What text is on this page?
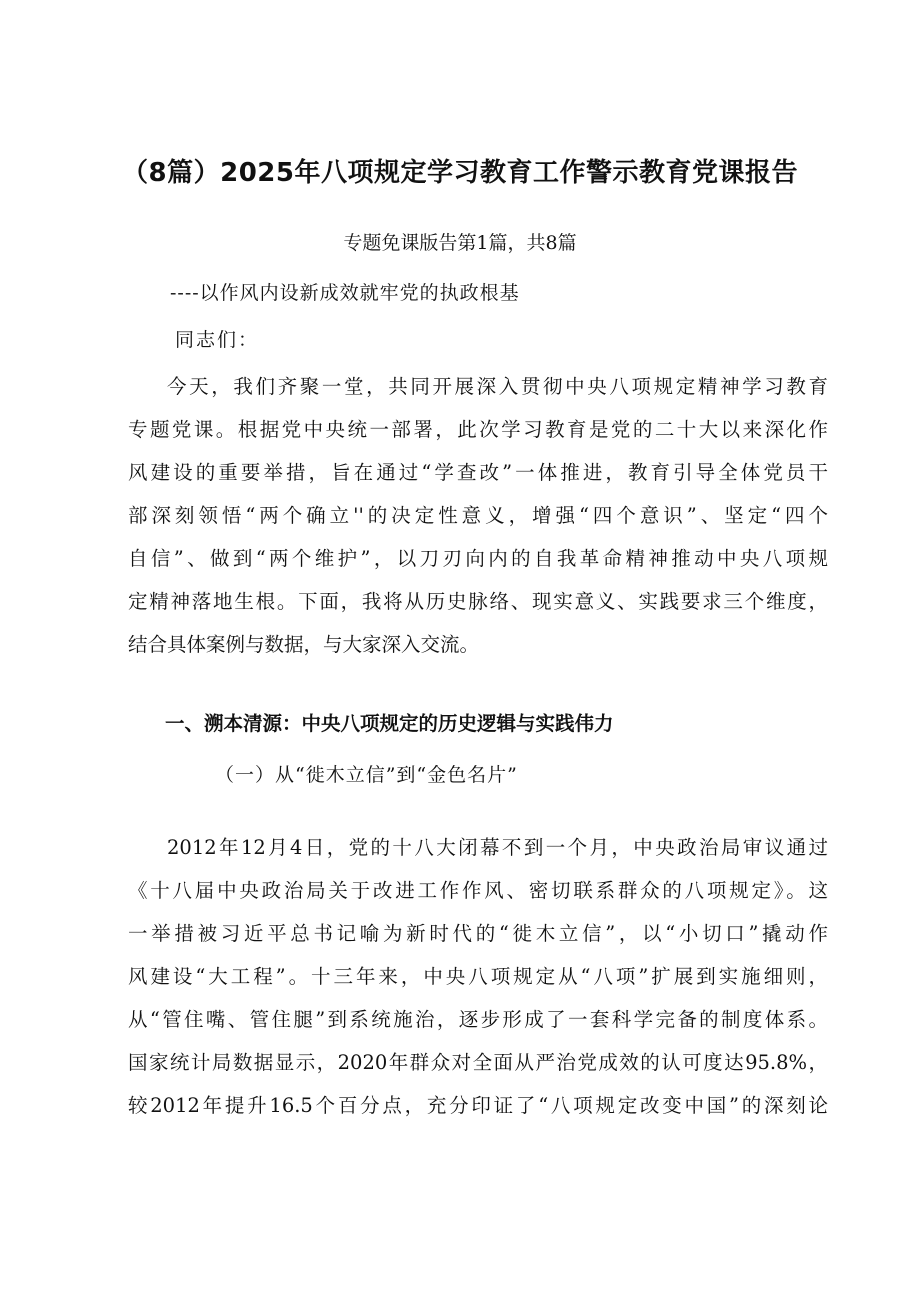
（8篇）2025年八项规定学习教育工作警示教育党课报告
专题免课版告第1篇，共8篇
----以作风内设新成效就牢党的执政根基
同志们：
今天，我们齐聚一堂，共同开展深入贯彻中央八项规定精神学习教育
专题党课。根据党中央统一部署，此次学习教育是党的二十大以来深化作
风建设的重要举措，旨在通过“学查改”一体推进，教育引导全体党员干
部深刻领悟“两个确立''的决定性意义，增强“四个意识”、坚定“四个
自信”、做到“两个维护”，以刀刃向内的自我革命精神推动中央八项规
定精神落地生根。下面，我将从历史脉络、现实意义、实践要求三个维度，
结合具体案例与数据，与大家深入交流。
一、溯本清源：中央八项规定的历史逻辑与实践伟力
（一）从“徙木立信”到“金色名片”
2012年12月4日，党的十八大闭幕不到一个月，中央政治局审议通过
《十八届中央政治局关于改进工作作风、密切联系群众的八项规定》。这
一举措被习近平总书记喻为新时代的“徙木立信”，以“小切口”撬动作
风建设“大工程”。十三年来，中央八项规定从“八项”扩展到实施细则，
从“管住嘴、管住腿”到系统施治，逐步形成了一套科学完备的制度体系。
国家统计局数据显示，2020年群众对全面从严治党成效的认可度达95.8%，
较2012年提升16.5个百分点，充分印证了“八项规定改变中国”的深刻论
